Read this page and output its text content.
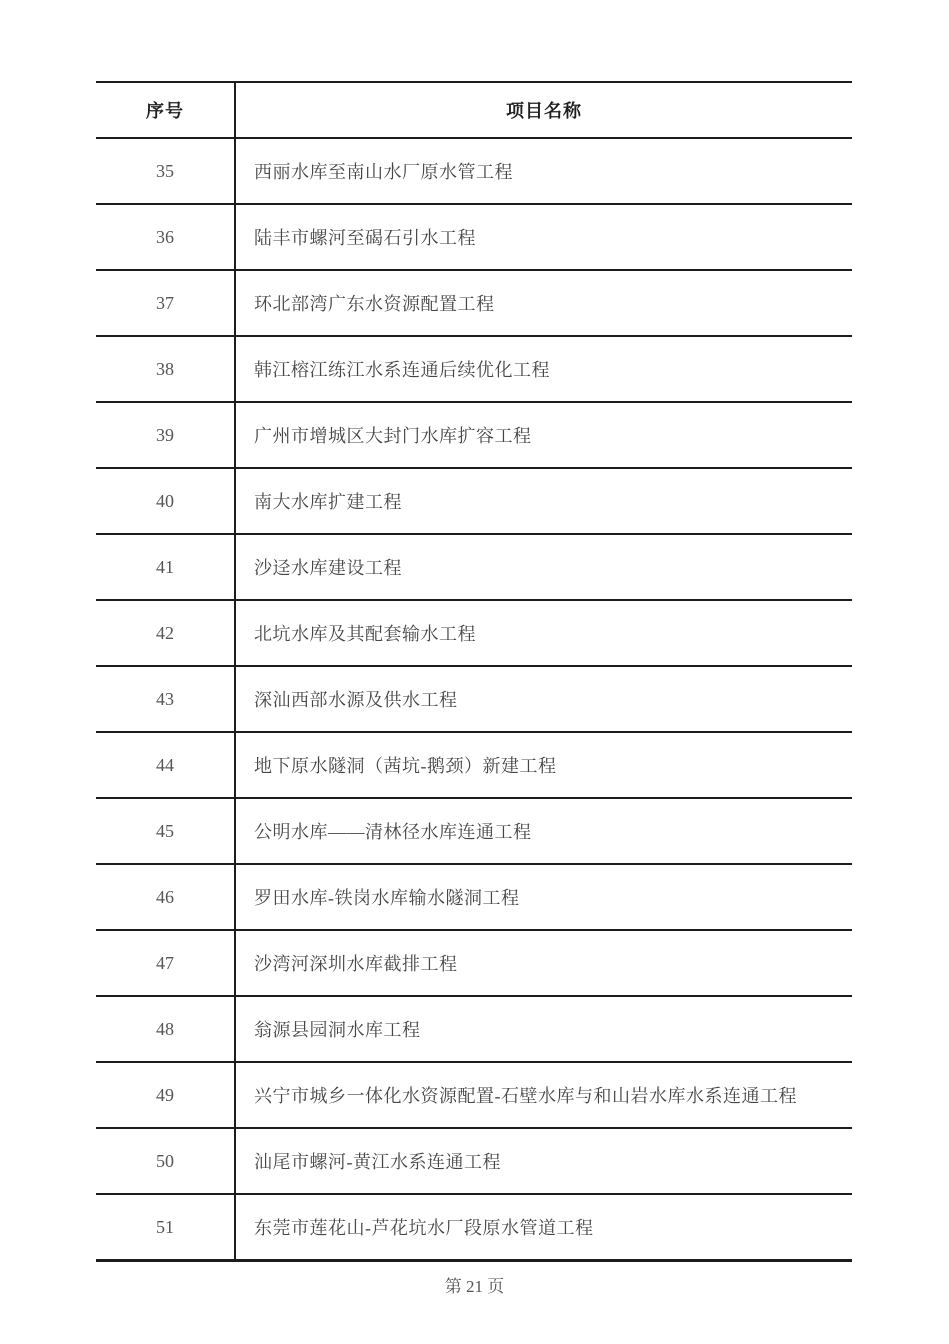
序号	项目名称
35	西丽水库至南山水厂原水管工程
36	陆丰市螺河至碣石引水工程
37	环北部湾广东水资源配置工程
38	韩江榕江练江水系连通后续优化工程
39	广州市增城区大封门水库扩容工程
40	南大水库扩建工程
41	沙迳水库建设工程
42	北坑水库及其配套输水工程
43	深汕西部水源及供水工程
44	地下原水隧洞（茜坑-鹅颈）新建工程
45	公明水库——清林径水库连通工程
46	罗田水库-铁岗水库输水隧洞工程
47	沙湾河深圳水库截排工程
48	翁源县园洞水库工程
49	兴宁市城乡一体化水资源配置-石壁水库与和山岩水库水系连通工程
50	汕尾市螺河-黄江水系连通工程
51	东莞市莲花山-芦花坑水厂段原水管道工程
第 21 页
